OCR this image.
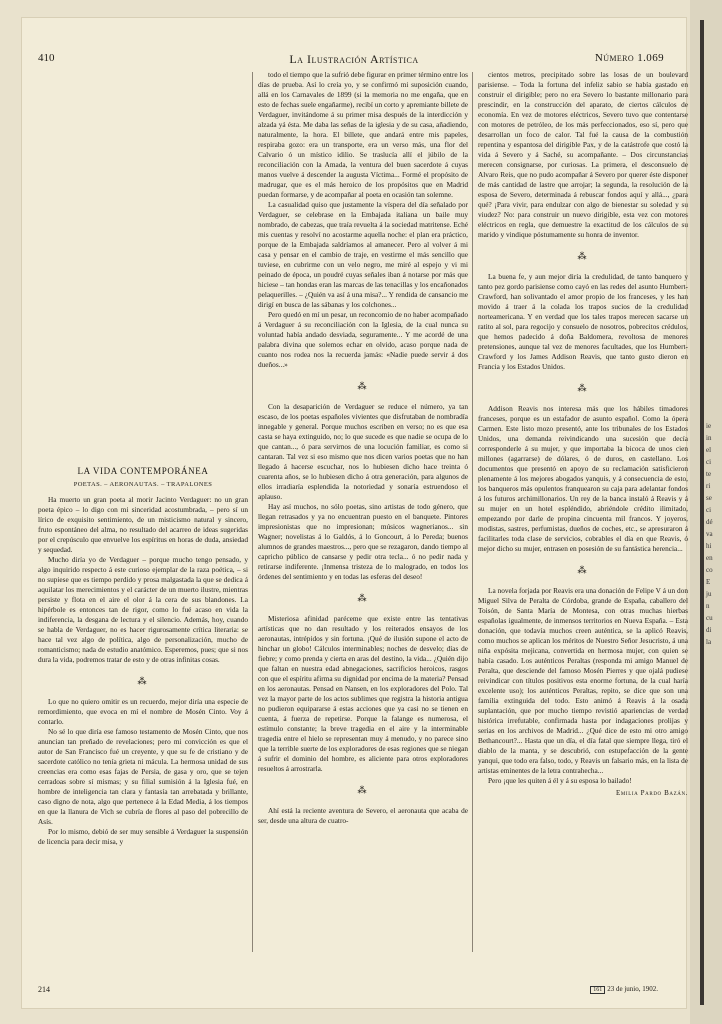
ie
in
el
ci
te
ri
se
ci
dé
va
hi
en
co
E
ju
n
cu
di
la
410	La Ilustración Artística	Número 1.069
LA VIDA CONTEMPORÁNEA
POETAS. – AERONAUTAS. – TRAPALONES

Ha muerto un gran poeta al morir Jacinto Verdaguer: no un gran poeta épico – lo digo con mi sinceridad acostumbrada, – pero sí un lírico de exquisito sentimiento, de un misticismo natural y sincero, fruto espontáneo del alma, no resultado del acarreo de ideas sugeridas por el crepúsculo que envuelve los espíritus en horas de duda, ansiedad y sequedad.

Mucho diría yo de Verdaguer – porque mucho tengo pensado, y algo inquirido respecto á este curioso ejemplar de la raza poética, – si no supiese que es tiempo perdido y prosa malgastada la que se dedica á aquilatar los merecimientos y el carácter de un muerto ilustre, mientras persiste y flota en el aire el olor á la cera de sus blandones. La hipérbole es entonces tan de rigor, como lo fué acaso en vida la indiferencia, la desgana de lectura y el silencio. Además, hoy, cuando se habla de Verdaguer, no es hacer rigurosamente crítica literaria: se hace tal vez algo de política, algo de personalización, mucho de romanticismo; nada de estudio anatómico. Esperemos, pues; que si nos dura la vida, podremos tratar de esto y de otras infinitas cosas.

⁂

Lo que no quiero omitir es un recuerdo, mejor diría una especie de remordimiento, que evoca en mí el nombre de Mosén Cinto. Voy á contarlo.

No sé lo que diría ese famoso testamento de Mosén Cinto, que nos anuncian tan preñado de revelaciones; pero mi convicción es que el autor de San Francisco fué un creyente, y que su fe de cristiano y de sacerdote católico no tenía grieta ni mácula. La hermosa unidad de sus creencias era como esas fajas de Persia, de gasa y oro, que se tejen cerradoas sobre sí mismas; y su filial sumisión á la Iglesia fué, en hombre de inteligencia tan clara y fantasía tan arrebatada y brillante, caso digno de nota, algo que pertenece á la Edad Media, á los tiempos en que la llanura de Vich se cubría de flores al paso del pobrecillo de Asís.

Por lo mismo, debió de ser muy sensible á Verdaguer la suspensión de licencia para decir misa, y

todo el tiempo que la sufrió debe figurar en primer término entre los días de prueba. Así lo creía yo, y se confirmó mi suposición cuando, allá en los Carnavales de 1899 (si la memoria no me engaña, que en esto de fechas suele engañarme), recibí un corto y apremiante billete de Verdaguer, invitándome á su primer misa después de la interdicción y alzada yá ésta. Me daba las señas de la iglesia y de su casa, añadiendo, naturalmente, la hora. El billete, que andará entre mis papeles, respiraba gozo: era un transporte, era un verso más, una flor del Calvario ó un místico idilio. Se traslucía allí el júbilo de la reconciliación con la Amada, la ventura del buen sacerdote á cuyas manos vuelve á descender la augusta Víctima... Formé el propósito de madrugar, que es el más heroico de los propósitos que en Madrid puedan formarse, y de acompañar al poeta en ocasión tan solemne.

La casualidad quiso que justamente la víspera del día señalado por Verdaguer, se celebrase en la Embajada italiana un baile muy nombrado, de cabezas, que traía revuelta á la sociedad matritense. Eché mis cuentas y resolví no acostarme aquella noche: el plan era práctico, porque de la Embajada saldríamos al amanecer. Pero al volver á mi casa y pensar en el cambio de traje, en vestirme el más sencillo que tuviese, en cubrirme con un velo negro, me miré al espejo y vi mi peinado de época, un poudré cuyas señales iban á notarse por más que hiciese – tan hondas eran las marcas de las tenacillas y los encañonados pelaquerilles. – ¿Quién va así á una misa?... Y rendida de cansancio me dirigí en busca de las sábanas y los colchones...

Pero quedó en mí un pesar, un reconcomio de no haber acompañado á Verdaguer á su reconciliación con la Iglesia, de la cual nunca su voluntad había andado desviada, seguramente... Y me acordé de una palabra divina que solemos echar en olvido, acaso porque nada de cuanto nos rodea nos la recuerda jamás: «Nadie puede servir á dos dueños...»

⁂

Con la desaparición de Verdaguer se reduce el número, ya tan escaso, de los poetas españoles vivientes que disfrutaban de nombradía innegable y general. Porque muchos escriben en verso; no es que esa casta se haya extinguido, no; lo que sucede es que nadie se ocupa de lo que cantan..., ó para servirnos de una locución familiar, es como si cantaran. Tal vez si eso mismo que nos dicen varios poetas que no han llegado á hacerse escuchar, nos lo hubiesen dicho hace treinta ó cuarenta años, se lo hubiesen dicho á otra generación, para algunos de ellos irradiaría esplendida la notoriedad y sonaría estruendoso el aplauso.

Hay así muchos, no sólo poetas, sino artistas de todo género, que llegan retrasados y ya no encuentran puesto en el banquete. Pintores impresionistas que no impresionan; músicos wagnerianos... sin Wagner; novelistas á lo Galdós, á lo Goncourt, á lo Pereda; buenos alumnos de grandes maestros..., pero que se rezagaron, dando tiempo al capricho público de cansarse y pedir otra tecla... ó no pedir nada y retirarse indiferente. ¡Inmensa tristeza de lo malogrado, en todos los órdenes del sentimiento y en todas las esferas del deseo!

⁂

Misteriosa afinidad paréceme que existe entre las tentativas artísticas que no dan resultado y los reiterados ensayos de los aeronautas, intrépidos y sin fortuna. ¡Qué de ilusión supone el acto de hinchar un globo! Cálculos interminables; noches de desvelo; días de fiebre; y como prenda y cierta en aras del destino, la vida... ¿Quién dijo que faltan en nuestra edad abnegaciones, sacrificios heroicos, rasgos con que el espíritu afirma su dignidad por encima de la materia? Pensad en los aeronautas. Pensad en Nansen, en los exploradores del Polo. Tal vez la mayor parte de los actos sublimes que registra la historia antigua no pudieron equipararse á estas acciones que ya casi no se tienen en cuenta, á fuerza de repetirse. Porque la falange es numerosa, el estímulo constante; la breve tragedia en el aire y la interminable tragedia entre el hielo se representan muy á menudo, y no parece sino que la terrible suerte de los exploradores de esas regiones que se niegan á sufrir el dominio del hombre, es aliciente para otros exploradores resueltos á arrostrarla.

⁂

Ahí está la reciente aventura de Severo, el aeronauta que acaba de ser, desde una altura de cuatro-

cientos metros, precipitado sobre las losas de un boulevard parisiense. – Toda la fortuna del infeliz sabio se había gastado en construir el dirigible; pero no era Severo lo bastante millonario para prescindir, en la construcción del aparato, de ciertos cálculos de economía. En vez de motores eléctricos, Severo tuvo que contentarse con motores de petróleo, de los más perfeccionados, eso sí, pero que desarrollan un foco de calor. Tal fué la causa de la combustión repentina y espantosa del dirigible Pax, y de la catástrofe que costó la vida á Severo y á Saché, su acompañante. – Dos circunstancias merecen consignarse, por curiosas. La primera, el desconsuelo de Alvaro Reis, que no pudo acompañar á Severo por querer éste disponer de más cantidad de lastre que arrojar; la segunda, la resolución de la esposa de Severo, determinada á rebuscar fondos aquí y allá..., ¿para qué? ¡Para vivir, para endulzar con algo de bienestar su soledad y su viudez? No: para construir un nuevo dirigible, esta vez con motores eléctricos en regla, que demuestre la exactitud de los cálculos de su marido y vindique póstumamente su honra de inventor.

⁂

La buena fe, y aun mejor diría la credulidad, de tanto banquero y tanto pez gordo parisiense como cayó en las redes del asunto Humbert-Crawford, han solivantado el amor propio de los franceses, y les han movido á traer á la colada los trapos sucios de la credulidad norteamericana. Y en verdad que los tales trapos merecen sacarse un ratito al sol, para regocijo y consuelo de nosotros, pobrecitos crédulos, que hemos padecido á doña Baldomera, revoltosa de menores pretensiones, aunque tal vez de menores facultades, que los Humbert-Crawford y los James Addison Reavis, que tanto gusto dieron en Francia y los Estados Unidos.

⁂

Addison Reavis nos interesa más que los hábiles timadores franceses, porque es un estafador de asunto español. Como la ópera Carmen. Este listo mozo presentó, ante los tribunales de los Estados Unidos, una demanda reivindicando una sucesión que decía corresponderle á su mujer, y que importaba la bicoca de unos cien millones (agarrarse) de dólares, ó de duros, en castellano. Los documentos que presentó en apoyo de su reclamación satisficieron plenamente á los mejores abogados yanquis, y á consecuencia de esto, los banqueros más opulentos franquearon su caja para adelantar fondos á los futuros archimillonarios. Un rey de la banca instaló á Reavis y á su mujer en un hotel espléndido, abriéndole crédito ilimitado, empezando por darle de propina cincuenta mil francos. Y joyeros, modistas, sastres, perfumistas, dueños de coches, etc., se apresuraron á facilitarles toda clase de servicios, cobrables el día en que Reavis, ó mejor dicho su mujer, entrasen en posesión de su fantástica herencia...

⁂

La novela forjada por Reavis era una donación de Felipe V á un don Miguel Silva de Peralta de Córdoba, grande de España, caballero del Toisón, de Santa María de Montesa, con otras muchas hierbas españolas igualmente, de inmensos territorios en Nueva España. – Esta donación, que todavía muchos creen auténtica, se la aplicó Reavis, como muchos se aplican los méritos de Nuestro Señor Jesucristo, á una niña expósita mejicana, convertida en hermosa mujer, con quien se había casado. Los auténticos Peraltas (responda mi amigo Manuel de Peralta, que desciende del famoso Mosén Pierres y que ojalá pudiese reivindicar con títulos positivos esta enorme fortuna, de la cual haría excelente uso); los auténticos Peraltas, repito, se dice que son una familia extinguida del todo. Esto animó á Reavis á la osada suplantación, que por mucho tiempo revistió apariencias de verdad histórica irrefutable, confirmada hasta por indagaciones prolijas y serias en los archivos de Madrid... ¿Qué dice de esto mi otro amigo Bethancourt?... Hasta que un día, el día fatal que siempre llega, tiró el diablo de la manta, y se descubrió, con estupefacción de la gente yanqui, que todo era falso, todo, y Reavis un falsario más, en la lista de artistas eminentes de la letra contrahecha...

Pero ¡que les quiten á él y á su esposa lo bailado!

Emilia Pardo Bazán.
214	161 23 de junio, 1902.
